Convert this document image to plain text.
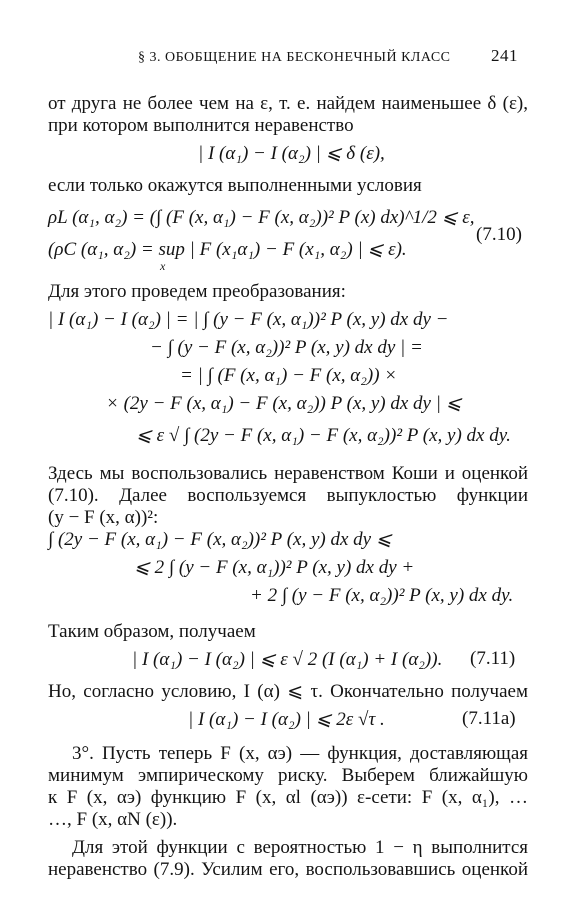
§ 3. ОБОБЩЕНИЕ НА БЕСКОНЕЧНЫЙ КЛАСС 241
от друга не более чем на ε, т. е. найдем наименьшее δ (ε),
при котором выполнится неравенство
| I (α₁) − I (α₂) | ⩽ δ (ε),
если только окажутся выполненными условия
ρL (α₁, α₂) = (∫ (F (x, α₁) − F (x, α₂))² P (x) dx)^1/2 ⩽ ε,
(ρC (α₁, α₂) = sup | F (x₁α₁) − F (x₁, α₂) | ⩽ ε).
x
(7.10)
Для этого проведем преобразования:
| I (α₁) − I (α₂) | = | ∫ (y − F (x, α₁))² P (x, y) dx dy −
− ∫ (y − F (x, α₂))² P (x, y) dx dy | =
= | ∫ (F (x, α₁) − F (x, α₂)) ×
× (2y − F (x, α₁) − F (x, α₂)) P (x, y) dx dy | ⩽
⩽ ε √ ∫ (2y − F (x, α₁) − F (x, α₂))² P (x, y) dx dy.
Здесь мы воспользовались неравенством Коши и оценкой
(7.10). Далее воспользуемся выпуклостью функции
(y − F (x, α))²:
∫ (2y − F (x, α₁) − F (x, α₂))² P (x, y) dx dy ⩽
⩽ 2 ∫ (y − F (x, α₁))² P (x, y) dx dy +
+ 2 ∫ (y − F (x, α₂))² P (x, y) dx dy.
Таким образом, получаем
| I (α₁) − I (α₂) | ⩽ ε √ 2 (I (α₁) + I (α₂)). (7.11)
Но, согласно условию, I (α) ⩽ τ. Окончательно получаем
| I (α₁) − I (α₂) | ⩽ 2ε √τ .	(7.11a)
3°. Пусть теперь F (x, αэ) — функция, доставляющая
минимум эмпирическому риску. Выберем ближайшую
к F (x, αэ) функцию F (x, αl (αэ)) ε-сети: F (x, α₁), …
…, F (x, αN (ε)).
Для этой функции с вероятностью 1 − η выполнится
неравенство (7.9). Усилим его, воспользовавшись оценкой
